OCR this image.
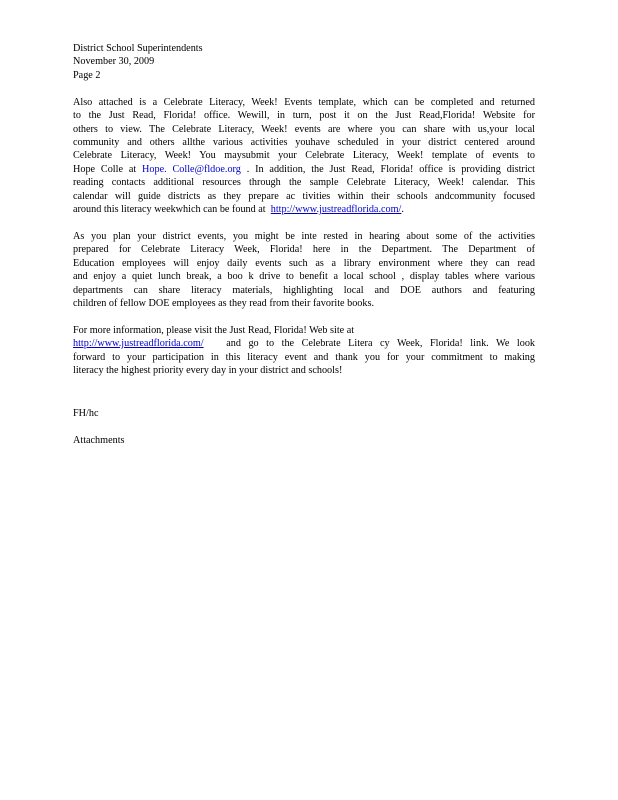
District School Superintendents
November 30, 2009
Page 2
Also attached is a Celebrate Literacy, Week! Events template, which can be completed and returned
to the Just Read, Florida! office. Wewill, in turn, post it on the Just Read,Florida! Website for
others to view. The Celebrate Literacy, Week! events are where you can share with us,your local
community and others allthe various activities youhave scheduled in your district centered around
Celebrate Literacy, Week! You maysubmit your Celebrate Literacy, Week! template of events to
Hope Colle at Hope. Colle@fldoe.org . In addition, the Just Read, Florida! office is providing district
reading contacts additional resources through the sample Celebrate Literacy, Week! calendar. This
calendar will guide districts as they prepare ac tivities within their schools andcommunity focused
around this literacy weekwhich can be found at http://www.justreadflorida.com/.
As you plan your district events, you might be inte rested in hearing about some of the activities
prepared for Celebrate Literacy Week, Florida! here in the Department. The Department of
Education employees will enjoy daily events such as a library environment where they can read
and enjoy a quiet lunch break, a boo k drive to benefit a local school , display tables where various
departments can share literacy materials, highlighting local and DOE authors and featuring
children of fellow DOE employees as they read from their favorite books.
For more information, please visit the Just Read, Florida! Web site at
http://www.justreadflorida.com/ and go to the Celebrate Litera cy Week, Florida! link. We look
forward to your participation in this literacy event and thank you for your commitment to making
literacy the highest priority every day in your district and schools!
FH/hc
Attachments
